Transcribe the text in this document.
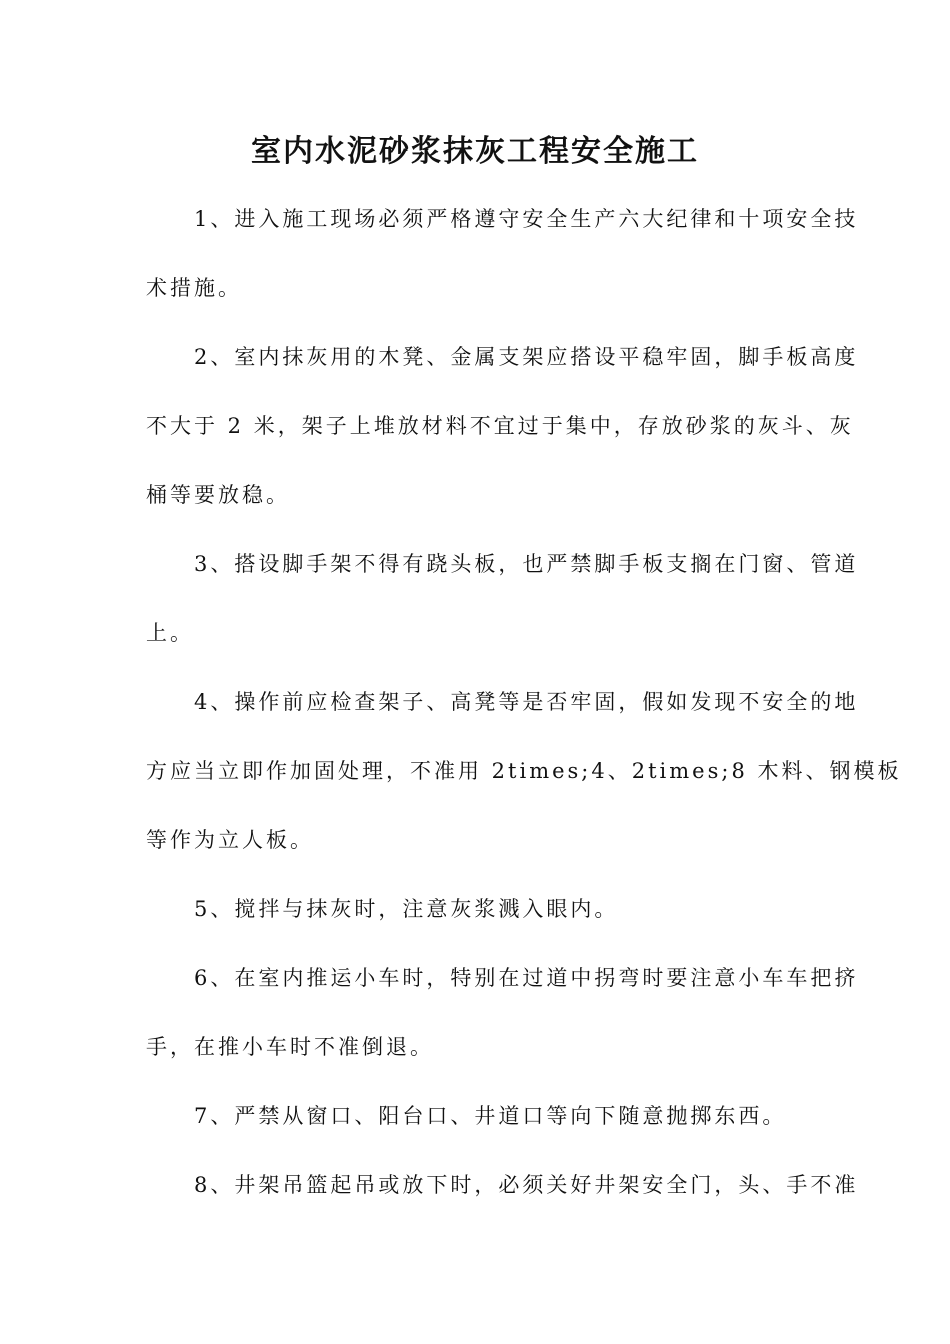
室内水泥砂浆抹灰工程安全施工

1、进入施工现场必须严格遵守安全生产六大纪律和十项安全技
术措施。

2、室内抹灰用的木凳、金属支架应搭设平稳牢固，脚手板高度
不大于 2 米，架子上堆放材料不宜过于集中，存放砂浆的灰斗、灰
桶等要放稳。

3、搭设脚手架不得有跷头板，也严禁脚手板支搁在门窗、管道
上。

4、操作前应检查架子、高凳等是否牢固，假如发现不安全的地
方应当立即作加固处理，不准用 2times;4、2times;8 木料、钢模板
等作为立人板。

5、搅拌与抹灰时，注意灰浆溅入眼内。

6、在室内推运小车时，特别在过道中拐弯时要注意小车车把挤
手，在推小车时不准倒退。

7、严禁从窗口、阳台口、井道口等向下随意抛掷东西。

8、井架吊篮起吊或放下时，必须关好井架安全门，头、手不准
